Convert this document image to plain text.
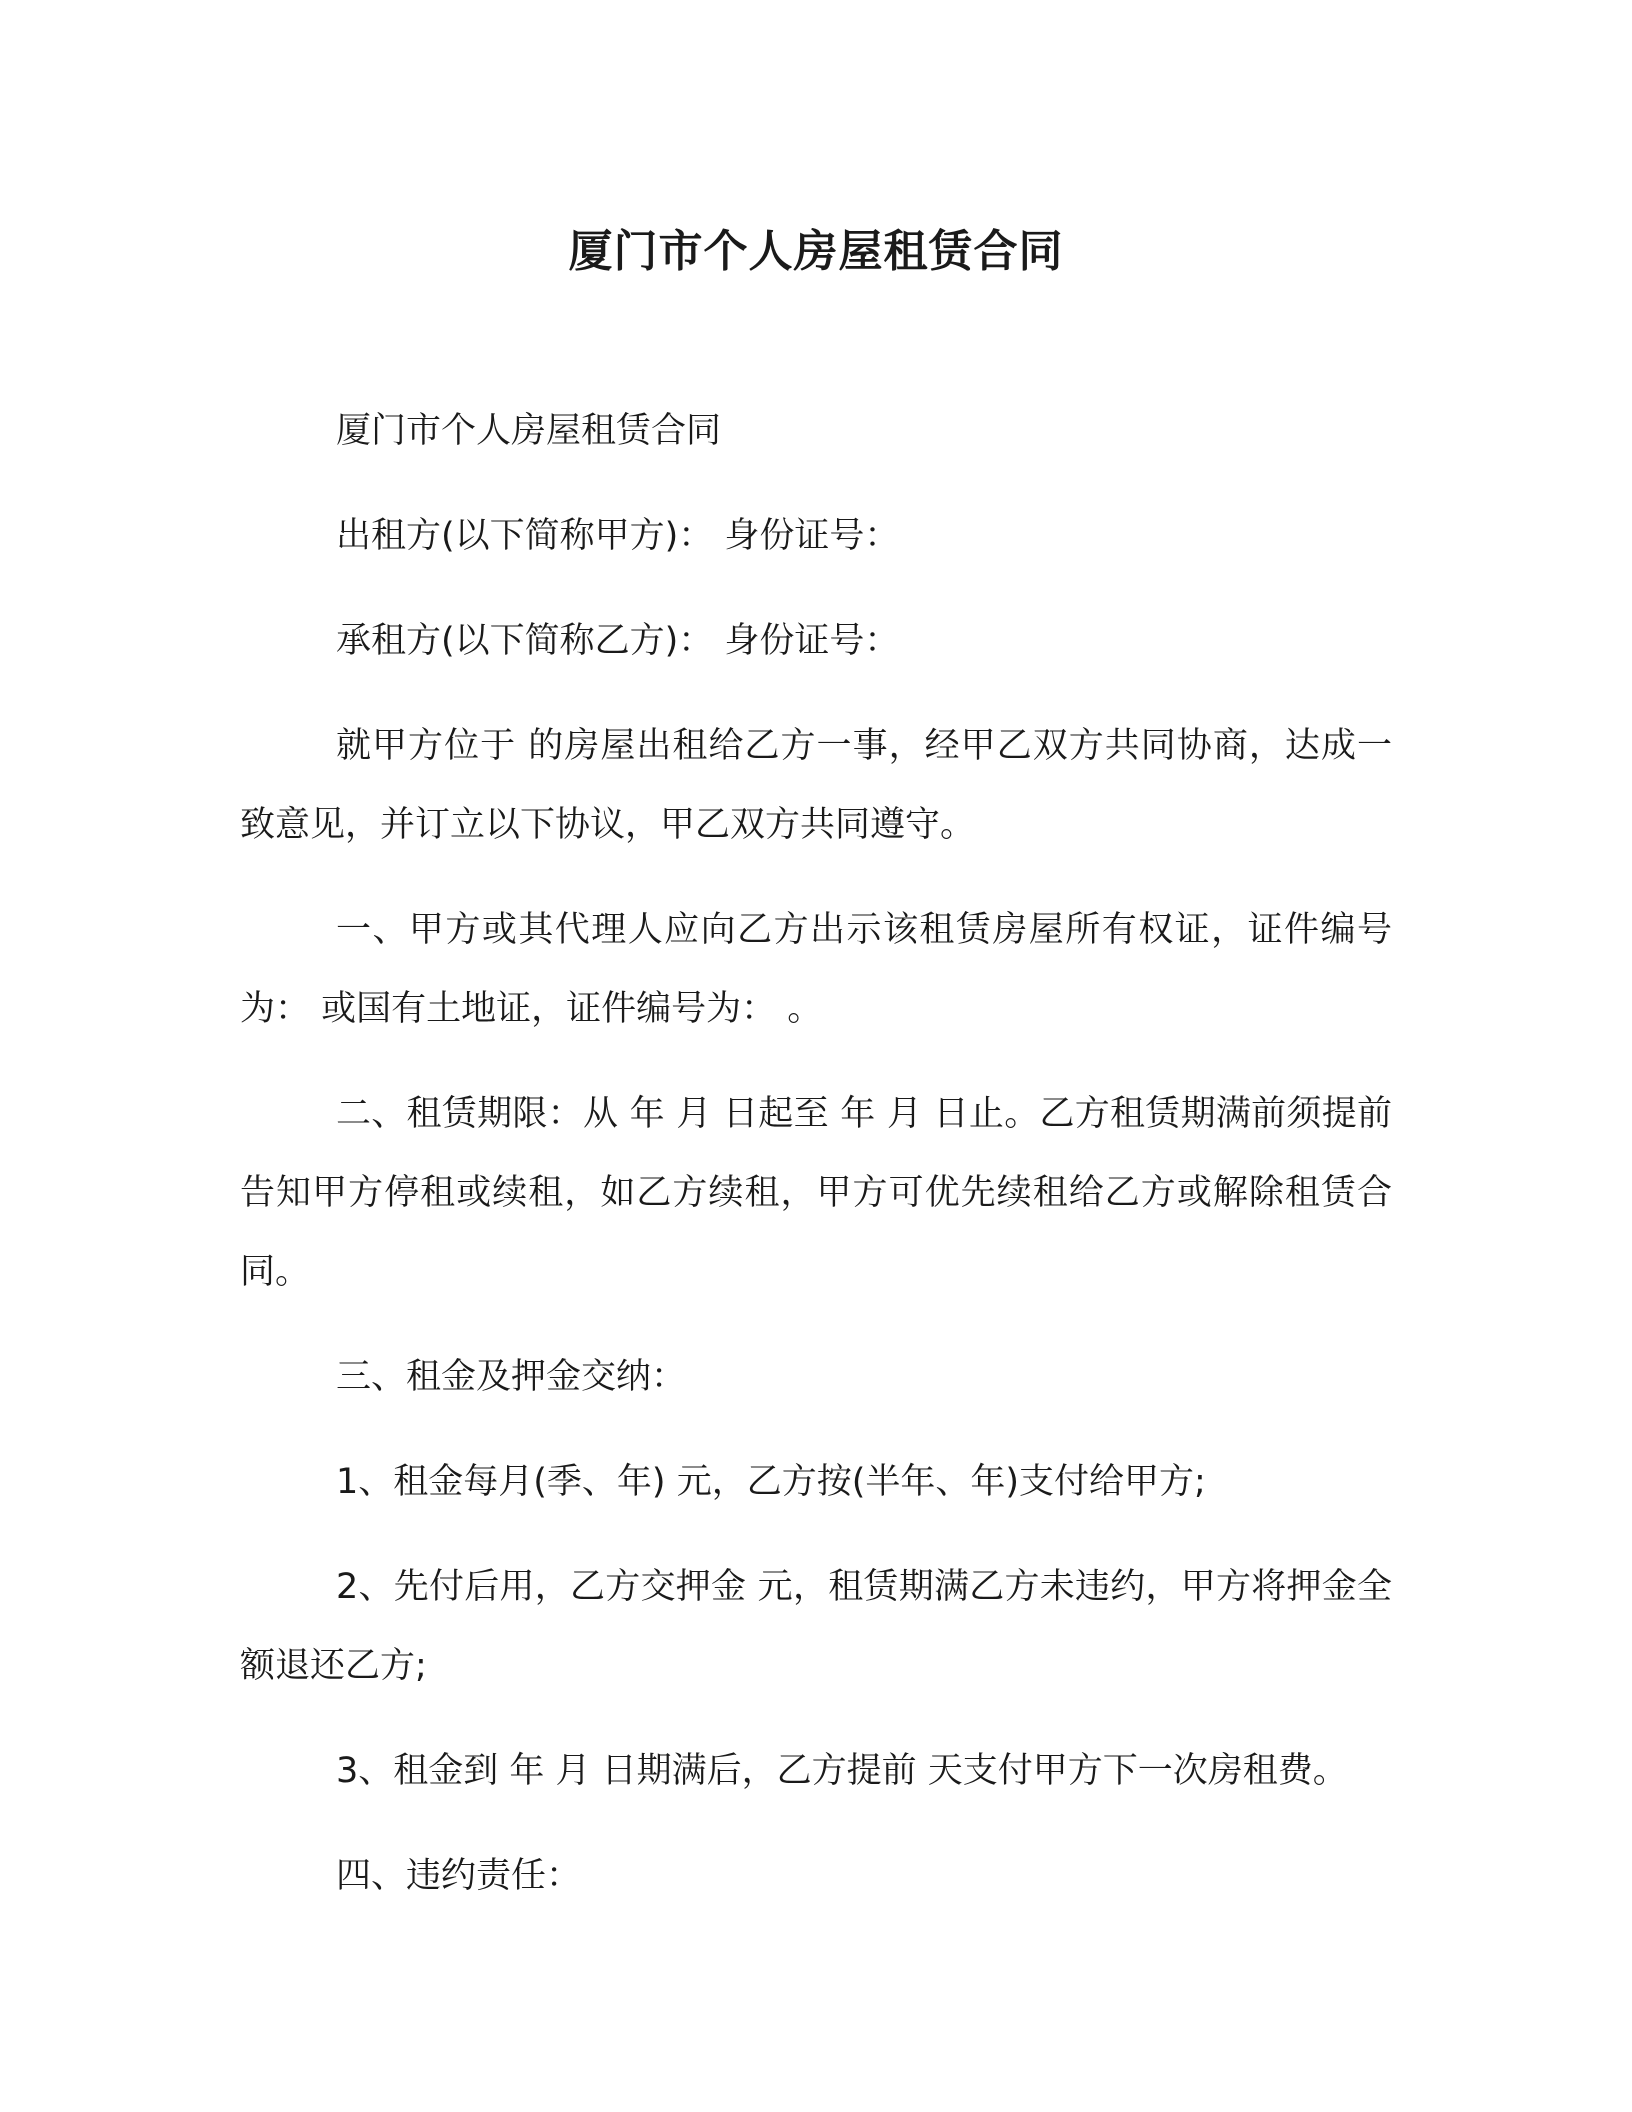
厦门市个人房屋租赁合同

厦门市个人房屋租赁合同

出租方(以下简称甲方)： 身份证号：

承租方(以下简称乙方)： 身份证号：

就甲方位于 的房屋出租给乙方一事，经甲乙双方共同协商，达成一致意见，并订立以下协议，甲乙双方共同遵守。

一、甲方或其代理人应向乙方出示该租赁房屋所有权证，证件编号为： 或国有土地证，证件编号为： 。

二、租赁期限：从 年 月 日起至 年 月 日止。乙方租赁期满前须提前告知甲方停租或续租，如乙方续租，甲方可优先续租给乙方或解除租赁合同。

三、租金及押金交纳：

1、租金每月(季、年) 元，乙方按(半年、年)支付给甲方;

2、先付后用，乙方交押金 元，租赁期满乙方未违约，甲方将押金全额退还乙方;

3、租金到 年 月 日期满后，乙方提前 天支付甲方下一次房租费。

四、违约责任：
